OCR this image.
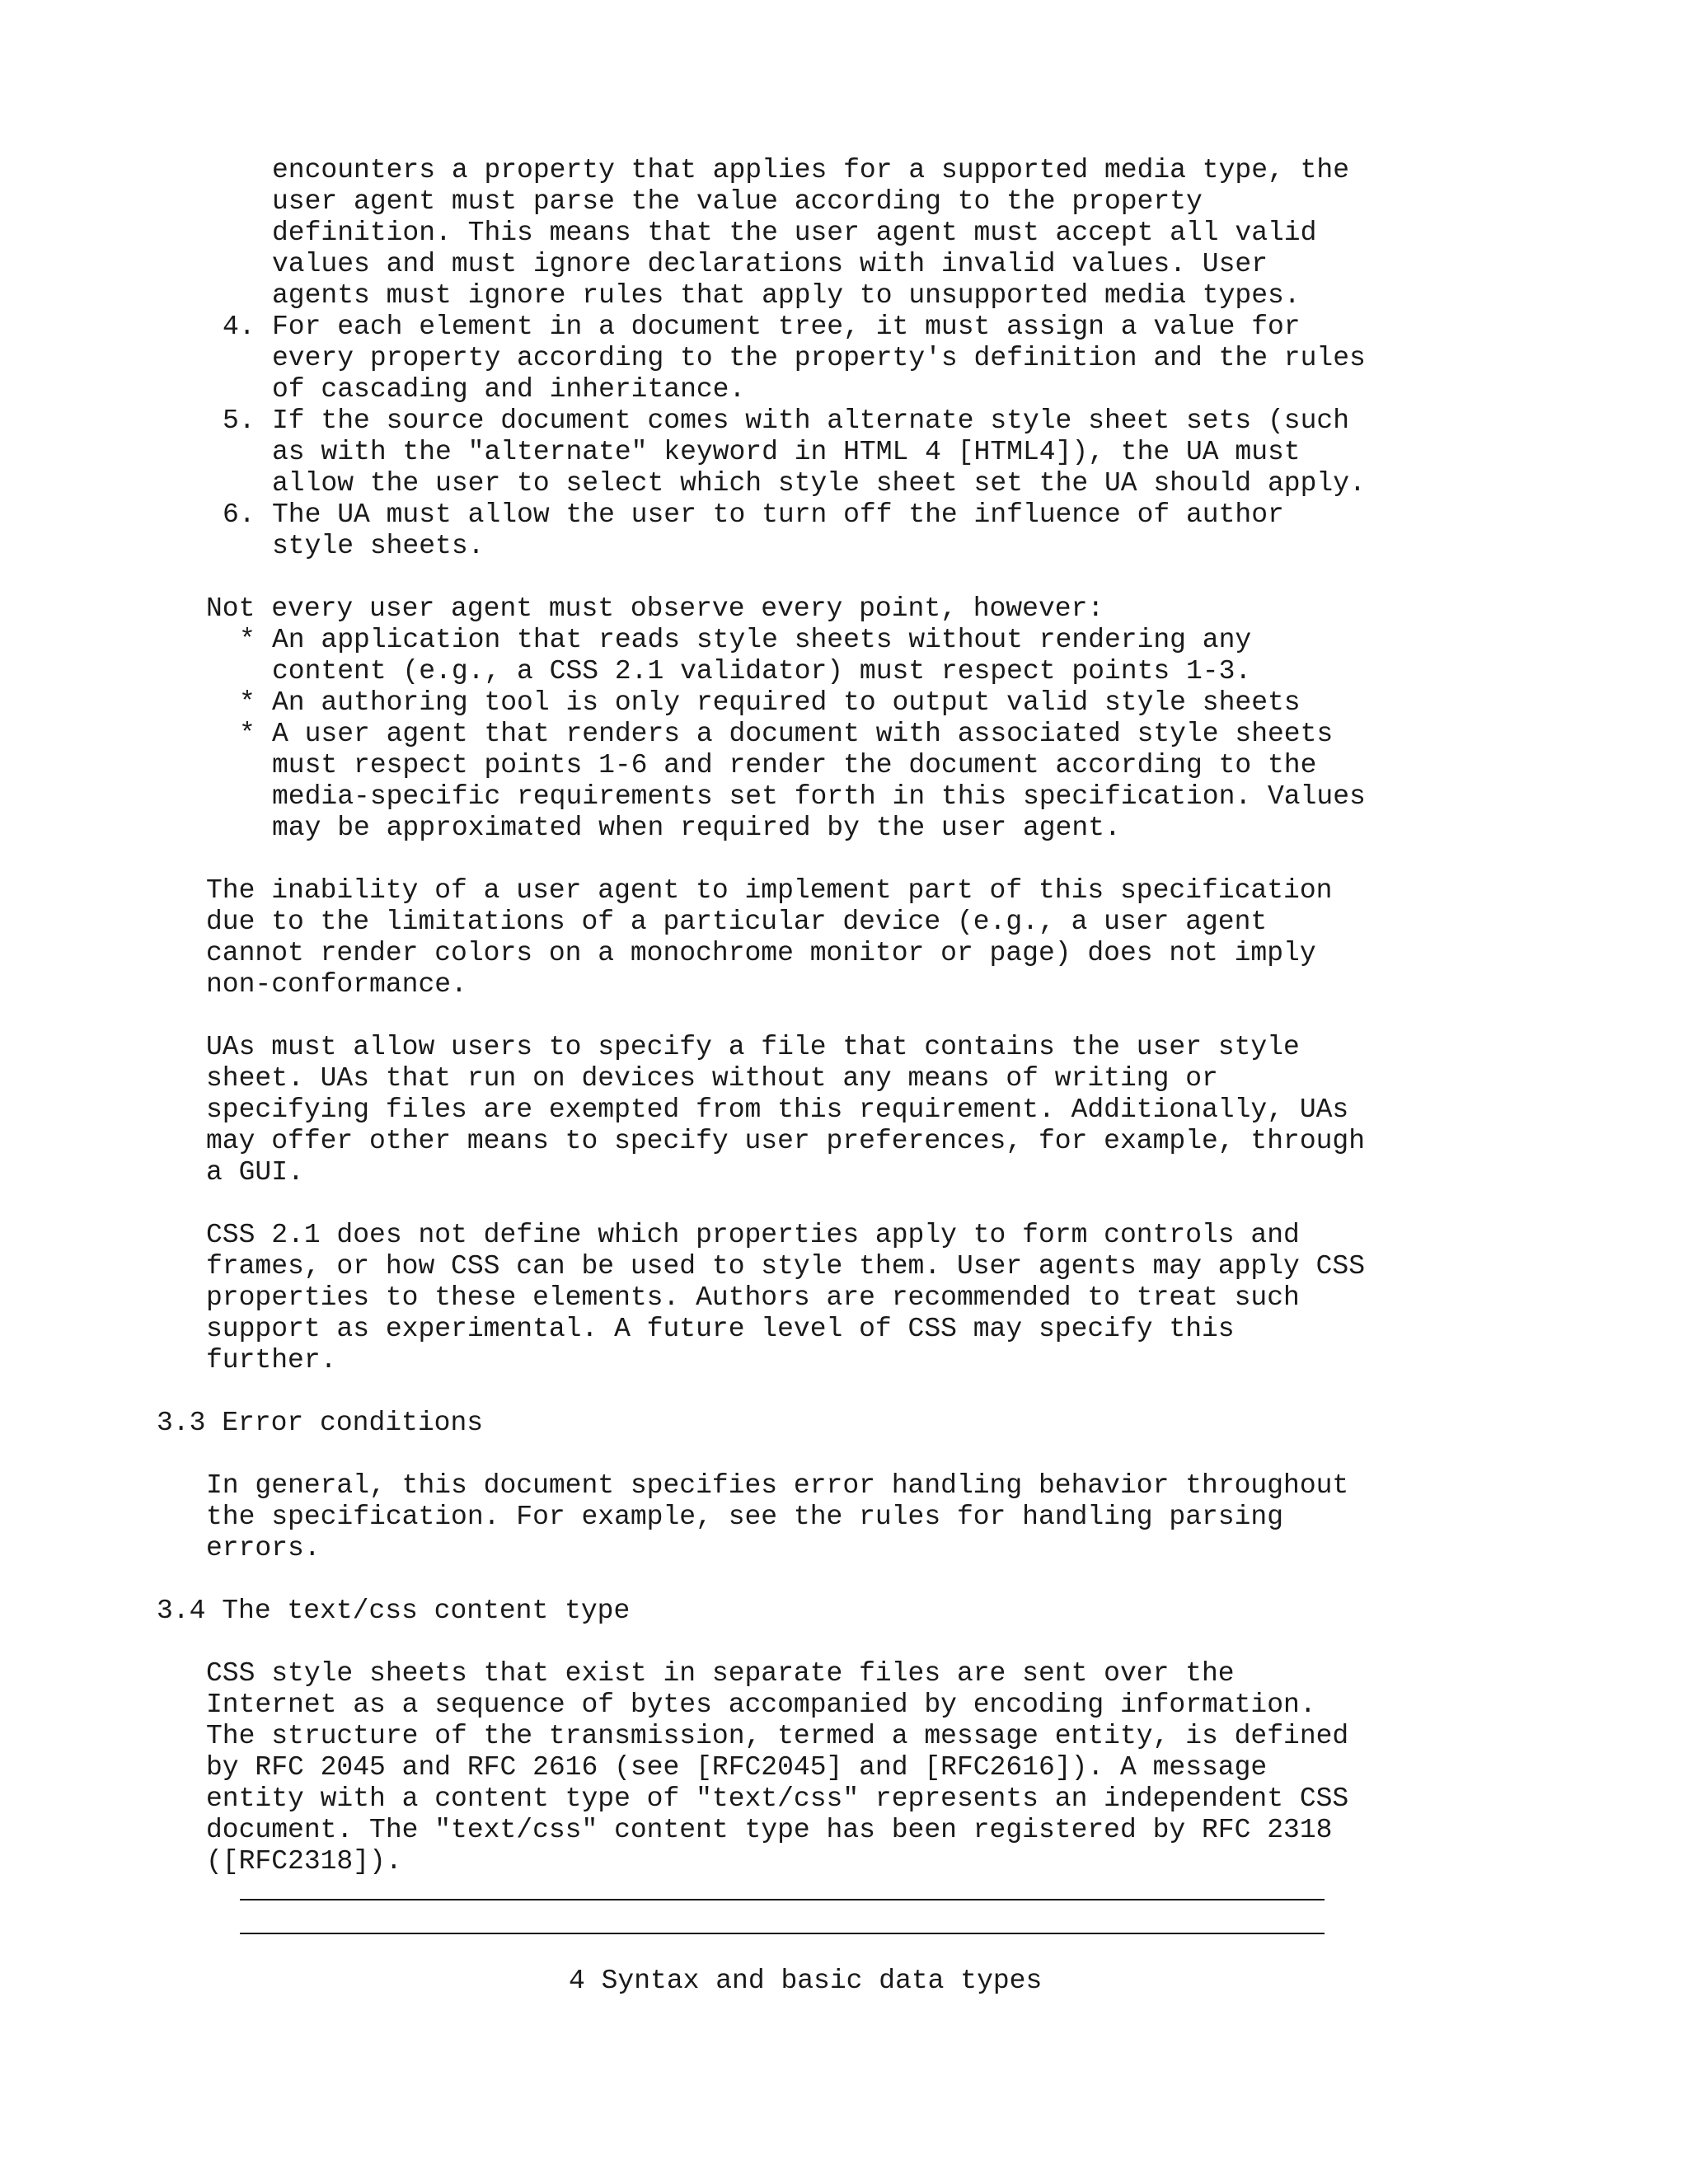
encounters a property that applies for a supported media type, the
user agent must parse the value according to the property
definition. This means that the user agent must accept all valid
values and must ignore declarations with invalid values. User
agents must ignore rules that apply to unsupported media types.
4. For each element in a document tree, it must assign a value for
every property according to the property's definition and the rules
of cascading and inheritance.
5. If the source document comes with alternate style sheet sets (such
as with the "alternate" keyword in HTML 4 [HTML4]), the UA must
allow the user to select which style sheet set the UA should apply.
6. The UA must allow the user to turn off the influence of author
style sheets.
Not every user agent must observe every point, however:
* An application that reads style sheets without rendering any
content (e.g., a CSS 2.1 validator) must respect points 1-3.
* An authoring tool is only required to output valid style sheets
* A user agent that renders a document with associated style sheets
must respect points 1-6 and render the document according to the
media-specific requirements set forth in this specification. Values
may be approximated when required by the user agent.
The inability of a user agent to implement part of this specification
due to the limitations of a particular device (e.g., a user agent
cannot render colors on a monochrome monitor or page) does not imply
non-conformance.
UAs must allow users to specify a file that contains the user style
sheet. UAs that run on devices without any means of writing or
specifying files are exempted from this requirement. Additionally, UAs
may offer other means to specify user preferences, for example, through
a GUI.
CSS 2.1 does not define which properties apply to form controls and
frames, or how CSS can be used to style them. User agents may apply CSS
properties to these elements. Authors are recommended to treat such
support as experimental. A future level of CSS may specify this
further.
3.3 Error conditions
In general, this document specifies error handling behavior throughout
the specification. For example, see the rules for handling parsing
errors.
3.4 The text/css content type
CSS style sheets that exist in separate files are sent over the
Internet as a sequence of bytes accompanied by encoding information.
The structure of the transmission, termed a message entity, is defined
by RFC 2045 and RFC 2616 (see [RFC2045] and [RFC2616]). A message
entity with a content type of "text/css" represents an independent CSS
document. The "text/css" content type has been registered by RFC 2318
([RFC2318]).
4 Syntax and basic data types
